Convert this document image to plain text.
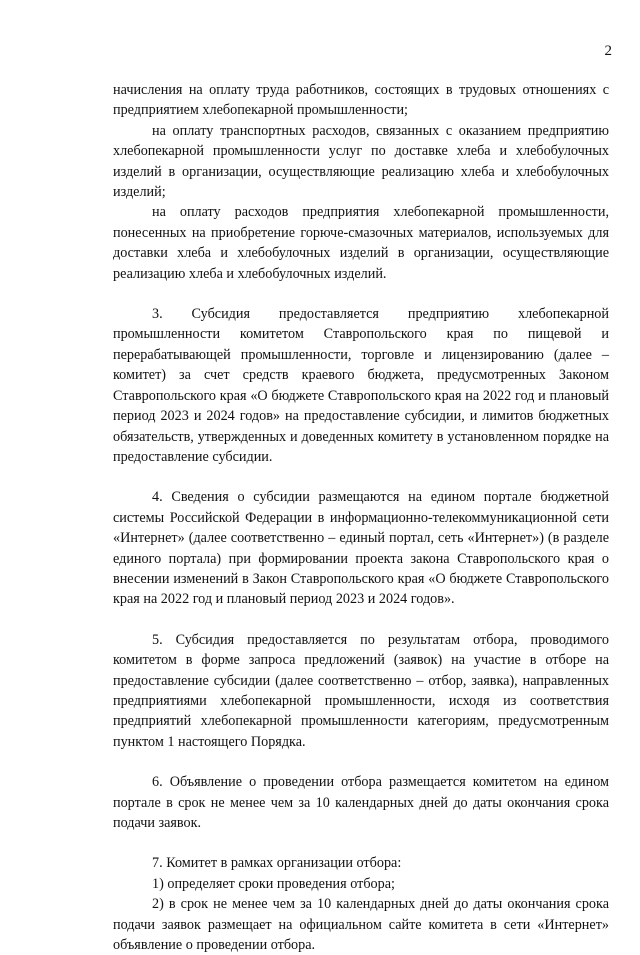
2

начисления на оплату труда работников, состоящих в трудовых отношениях с предприятием хлебопекарной промышленности;

на оплату транспортных расходов, связанных с оказанием предприятию хлебопекарной промышленности услуг по доставке хлеба и хлебобулочных изделий в организации, осуществляющие реализацию хлеба и хлебобулочных изделий;

на оплату расходов предприятия хлебопекарной промышленности, понесенных на приобретение горюче-смазочных материалов, используемых для доставки хлеба и хлебобулочных изделий в организации, осуществляющие реализацию хлеба и хлебобулочных изделий.

3. Субсидия предоставляется предприятию хлебопекарной промышленности комитетом Ставропольского края по пищевой и перерабатывающей промышленности, торговле и лицензированию (далее – комитет) за счет средств краевого бюджета, предусмотренных Законом Ставропольского края «О бюджете Ставропольского края на 2022 год и плановый период 2023 и 2024 годов» на предоставление субсидии, и лимитов бюджетных обязательств, утвержденных и доведенных комитету в установленном порядке на предоставление субсидии.

4. Сведения о субсидии размещаются на едином портале бюджетной системы Российской Федерации в информационно-телекоммуникационной сети «Интернет» (далее соответственно – единый портал, сеть «Интернет») (в разделе единого портала) при формировании проекта закона Ставропольского края о внесении изменений в Закон Ставропольского края «О бюджете Ставропольского края на 2022 год и плановый период 2023 и 2024 годов».

5. Субсидия предоставляется по результатам отбора, проводимого комитетом в форме запроса предложений (заявок) на участие в отборе на предоставление субсидии (далее соответственно – отбор, заявка), направленных предприятиями хлебопекарной промышленности, исходя из соответствия предприятий хлебопекарной промышленности категориям, предусмотренным пунктом 1 настоящего Порядка.

6. Объявление о проведении отбора размещается комитетом на едином портале в срок не менее чем за 10 календарных дней до даты окончания срока подачи заявок.

7. Комитет в рамках организации отбора:

1) определяет сроки проведения отбора;

2) в срок не менее чем за 10 календарных дней до даты окончания срока подачи заявок размещает на официальном сайте комитета в сети «Интернет» объявление о проведении отбора.
